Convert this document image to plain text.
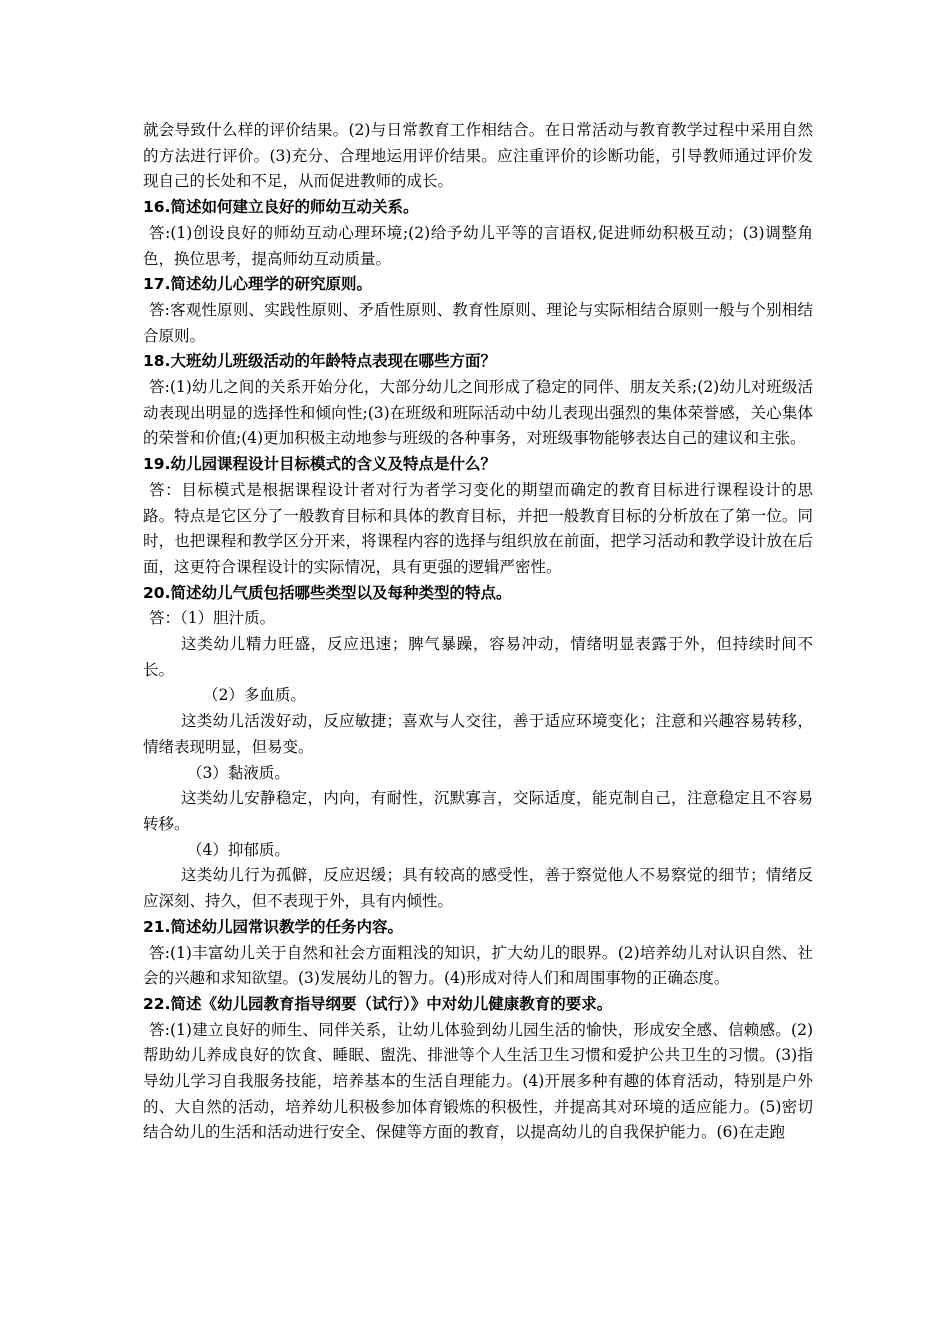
就会导致什么样的评价结果。(2)与日常教育工作相结合。在日常活动与教育教学过程中采用自然的方法进行评价。(3)充分、合理地运用评价结果。应注重评价的诊断功能，引导教师通过评价发现自己的长处和不足，从而促进教师的成长。

16.简述如何建立良好的师幼互动关系。

答:(1)创设良好的师幼互动心理环境;(2)给予幼儿平等的言语权,促进师幼积极互动；(3)调整角色，换位思考，提高师幼互动质量。

17.简述幼儿心理学的研究原则。

答:客观性原则、实践性原则、矛盾性原则、教育性原则、理论与实际相结合原则一般与个别相结合原则。

18.大班幼儿班级活动的年龄特点表现在哪些方面？

答:(1)幼儿之间的关系开始分化，大部分幼儿之间形成了稳定的同伴、朋友关系;(2)幼儿对班级活动表现出明显的选择性和倾向性;(3)在班级和班际活动中幼儿表现出强烈的集体荣誉感，关心集体的荣誉和价值;(4)更加积极主动地参与班级的各种事务，对班级事物能够表达自己的建议和主张。

19.幼儿园课程设计目标模式的含义及特点是什么？

答：目标模式是根据课程设计者对行为者学习变化的期望而确定的教育目标进行课程设计的思路。特点是它区分了一般教育目标和具体的教育目标，并把一般教育目标的分析放在了第一位。同时，也把课程和教学区分开来，将课程内容的选择与组织放在前面，把学习活动和教学设计放在后面，这更符合课程设计的实际情况，具有更强的逻辑严密性。

20.简述幼儿气质包括哪些类型以及每种类型的特点。

答：（1）胆汁质。

这类幼儿精力旺盛，反应迅速；脾气暴躁，容易冲动，情绪明显表露于外，但持续时间不长。

（2）多血质。

这类幼儿活泼好动，反应敏捷；喜欢与人交往，善于适应环境变化；注意和兴趣容易转移，情绪表现明显，但易变。

（3）黏液质。

这类幼儿安静稳定，内向，有耐性，沉默寡言，交际适度，能克制自己，注意稳定且不容易转移。

（4）抑郁质。

这类幼儿行为孤僻，反应迟缓；具有较高的感受性，善于察觉他人不易察觉的细节；情绪反应深刻、持久，但不表现于外，具有内倾性。

21.简述幼儿园常识教学的任务内容。

答:(1)丰富幼儿关于自然和社会方面粗浅的知识，扩大幼儿的眼界。(2)培养幼儿对认识自然、社会的兴趣和求知欲望。(3)发展幼儿的智力。(4)形成对待人们和周围事物的正确态度。

22.简述《幼儿园教育指导纲要（试行）》中对幼儿健康教育的要求。

答:(1)建立良好的师生、同伴关系，让幼儿体验到幼儿园生活的愉快，形成安全感、信赖感。(2)帮助幼儿养成良好的饮食、睡眠、盥洗、排泄等个人生活卫生习惯和爱护公共卫生的习惯。(3)指导幼儿学习自我服务技能，培养基本的生活自理能力。(4)开展多种有趣的体育活动，特别是户外的、大自然的活动，培养幼儿积极参加体育锻炼的积极性，并提高其对环境的适应能力。(5)密切结合幼儿的生活和活动进行安全、保健等方面的教育，以提高幼儿的自我保护能力。(6)在走跑
